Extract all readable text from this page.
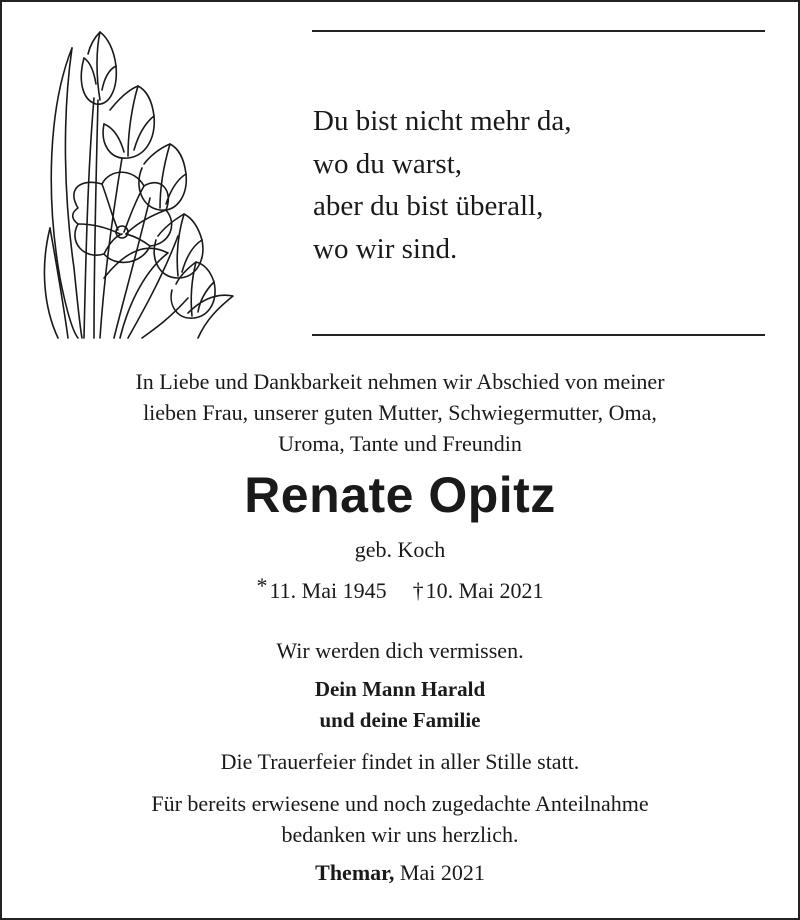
Du bist nicht mehr da,
wo du warst,
aber du bist überall,
wo wir sind.
In Liebe und Dankbarkeit nehmen wir Abschied von meiner
lieben Frau, unserer guten Mutter, Schwiegermutter, Oma,
Uroma, Tante und Freundin
Renate Opitz
geb. Koch
*11. Mai 1945 †10. Mai 2021
Wir werden dich vermissen.
Dein Mann Harald
und deine Familie
Die Trauerfeier findet in aller Stille statt.
Für bereits erwiesene und noch zugedachte Anteilnahme
bedanken wir uns herzlich.
Themar, Mai 2021
